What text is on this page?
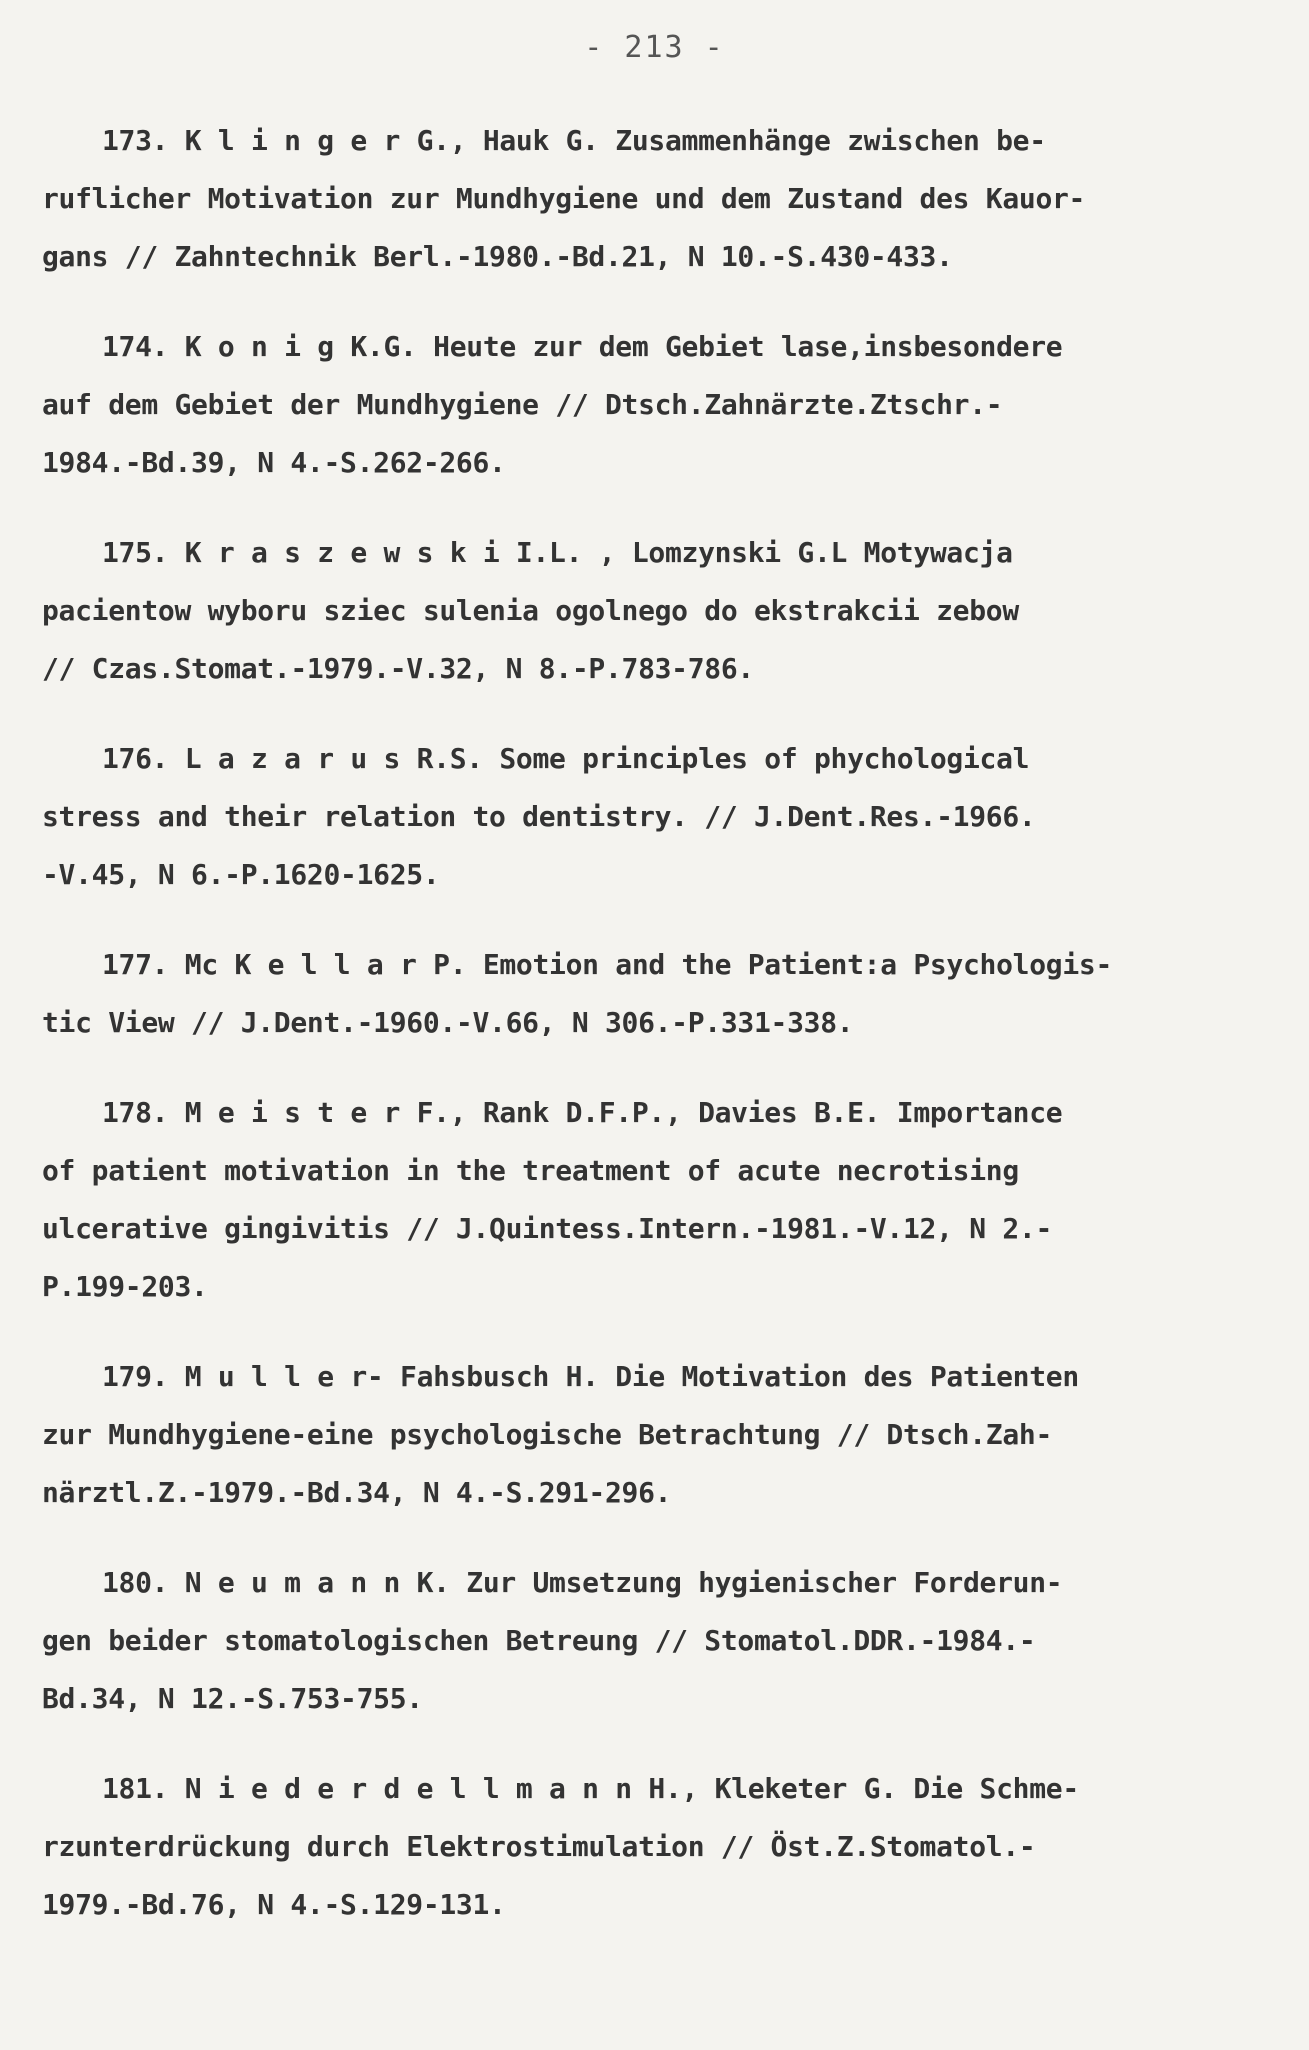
- 213 -
173. K l i n g e r G., Hauk G. Zusammenhänge zwischen be-
ruflicher Motivation zur Mundhygiene und dem Zustand des Kauor-
gans // Zahntechnik Berl.-1980.-Bd.21, N 10.-S.430-433.
174. K o n i g K.G. Heute zur dem Gebiet lase,insbesondere
auf dem Gebiet der Mundhygiene // Dtsch.Zahnärzte.Ztschr.-
1984.-Bd.39, N 4.-S.262-266.
175. K r a s z e w s k i I.L. , Lomzynski G.L Motywacja
pacientow wyboru sziec sulenia ogolnego do ekstrakcii zebow
// Czas.Stomat.-1979.-V.32, N 8.-P.783-786.
176. L a z a r u s R.S. Some principles of phychological
stress and their relation to dentistry. // J.Dent.Res.-1966.
-V.45, N 6.-P.1620-1625.
177. Mc K e l l a r P. Emotion and the Patient:a Psychologis-
tic View // J.Dent.-1960.-V.66, N 306.-P.331-338.
178. M e i s t e r F., Rank D.F.P., Davies B.E. Importance
of patient motivation in the treatment of acute necrotising
ulcerative gingivitis // J.Quintess.Intern.-1981.-V.12, N 2.-
P.199-203.
179. M u l l e r- Fahsbusch H. Die Motivation des Patienten
zur Mundhygiene-eine psychologische Betrachtung // Dtsch.Zah-
närztl.Z.-1979.-Bd.34, N 4.-S.291-296.
180. N e u m a n n K. Zur Umsetzung hygienischer Forderun-
gen beider stomatologischen Betreung // Stomatol.DDR.-1984.-
Bd.34, N 12.-S.753-755.
181. N i e d e r d e l l m a n n H., Kleketer G. Die Schme-
rzunterdrückung durch Elektrostimulation // Öst.Z.Stomatol.-
1979.-Bd.76, N 4.-S.129-131.
